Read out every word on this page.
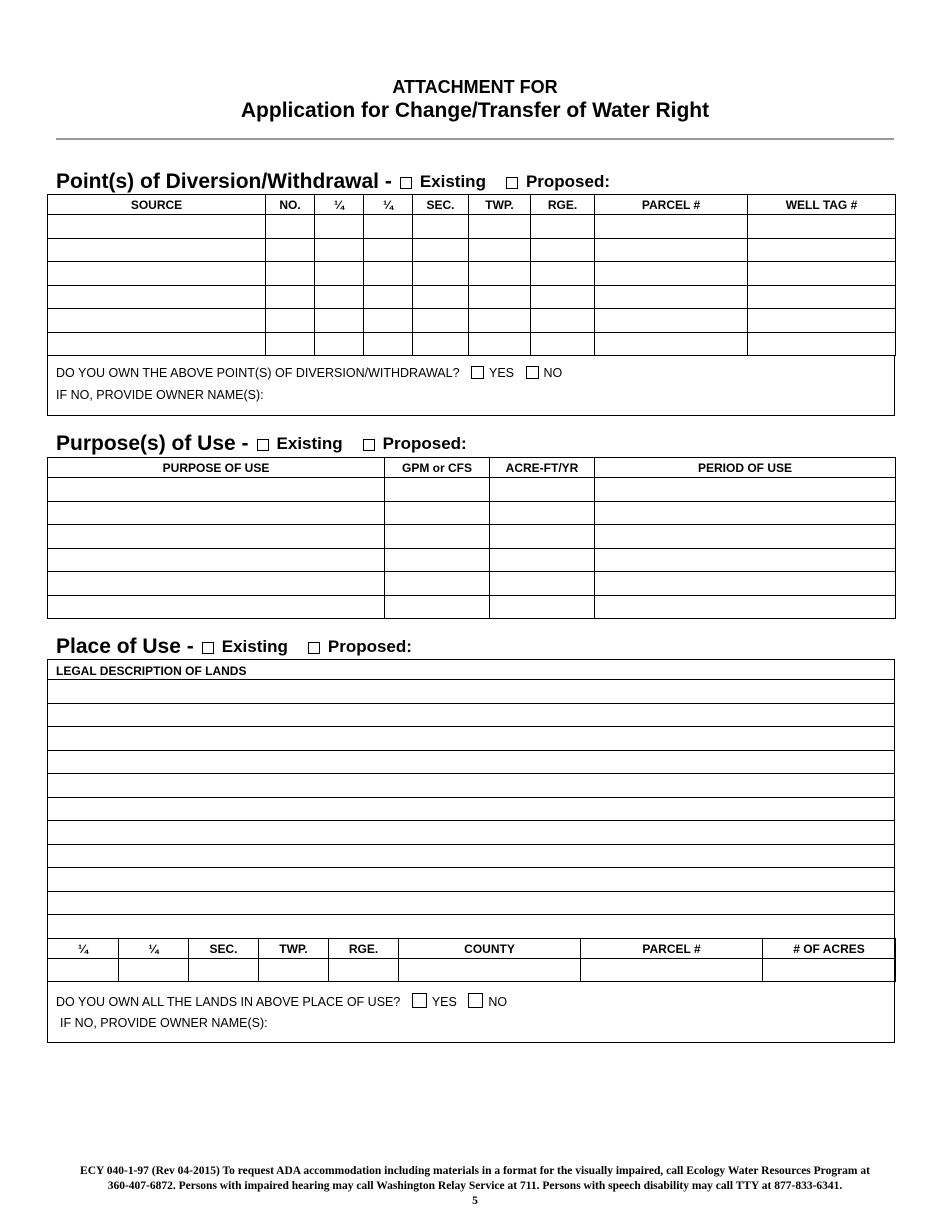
ATTACHMENT FOR
Application for Change/Transfer of Water Right
Point(s) of Diversion/Withdrawal - Existing Proposed:
SOURCE	NO.	¼	¼	SEC.	TWP.	RGE.	PARCEL #	WELL TAG #

DO YOU OWN THE ABOVE POINT(S) OF DIVERSION/WITHDRAWAL? YES NO
IF NO, PROVIDE OWNER NAME(S):
Purpose(s) of Use - Existing Proposed:
PURPOSE OF USE	GPM or CFS	ACRE-FT/YR	PERIOD OF USE

Place of Use - Existing Proposed:
LEGAL DESCRIPTION OF LANDS
¼	¼	SEC.	TWP.	RGE.	COUNTY	PARCEL #	# OF ACRES

DO YOU OWN ALL THE LANDS IN ABOVE PLACE OF USE?	YES	NO
IF NO, PROVIDE OWNER NAME(S):
ECY 040-1-97 (Rev 04-2015) To request ADA accommodation including materials in a format for the visually impaired, call Ecology Water Resources Program at
360-407-6872. Persons with impaired hearing may call Washington Relay Service at 711. Persons with speech disability may call TTY at 877-833-6341.
5
